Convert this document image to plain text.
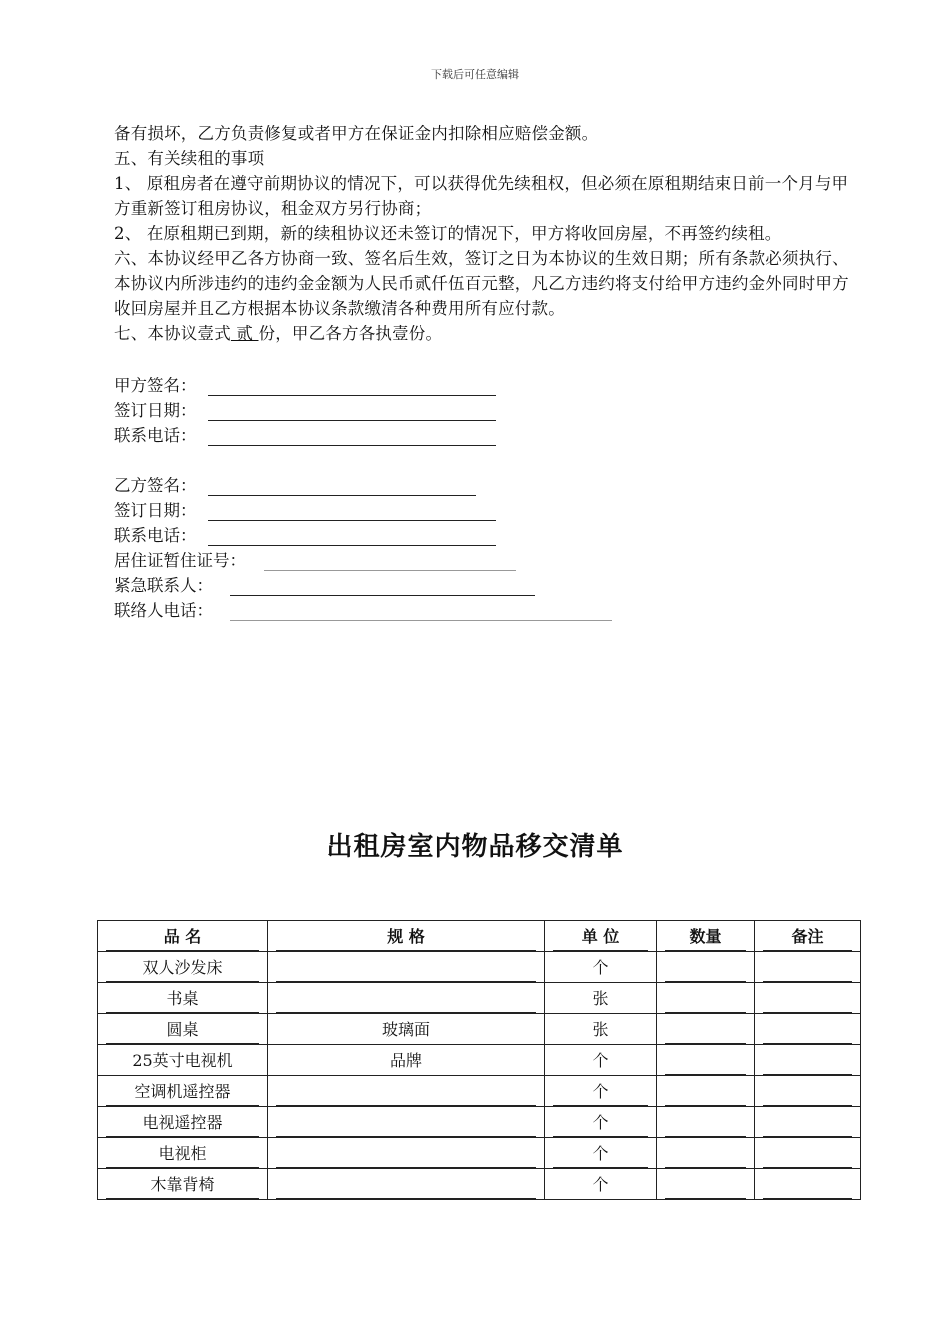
下载后可任意编辑

备有损坏，乙方负责修复或者甲方在保证金内扣除相应赔偿金额。

五、有关续租的事项

1、 原租房者在遵守前期协议的情况下，可以获得优先续租权，但必须在原租期结束日前一个月与甲方重新签订租房协议，租金双方另行协商；

2、 在原租期已到期，新的续租协议还未签订的情况下，甲方将收回房屋，不再签约续租。

六、本协议经甲乙各方协商一致、签名后生效，签订之日为本协议的生效日期；所有条款必须执行、本协议内所涉违约的违约金金额为人民币贰仟伍百元整，凡乙方违约将支付给甲方违约金外同时甲方收回房屋并且乙方根据本协议条款缴清各种费用所有应付款。

七、本协议壹式 贰 份，甲乙各方各执壹份。

甲方签名：
签订日期：
联系电话：
乙方签名：
签订日期：
联系电话：
居住证暂住证号：
紧急联系人：
联络人电话：
出租房室内物品移交清单
品 名	规 格	单 位	数量	备注

双人沙发床		个		

书桌		张		

圆桌	玻璃面	张		

25英寸电视机	品牌	个		

空调机遥控器		个		

电视遥控器		个		

电视柜		个		

木靠背椅		个		
